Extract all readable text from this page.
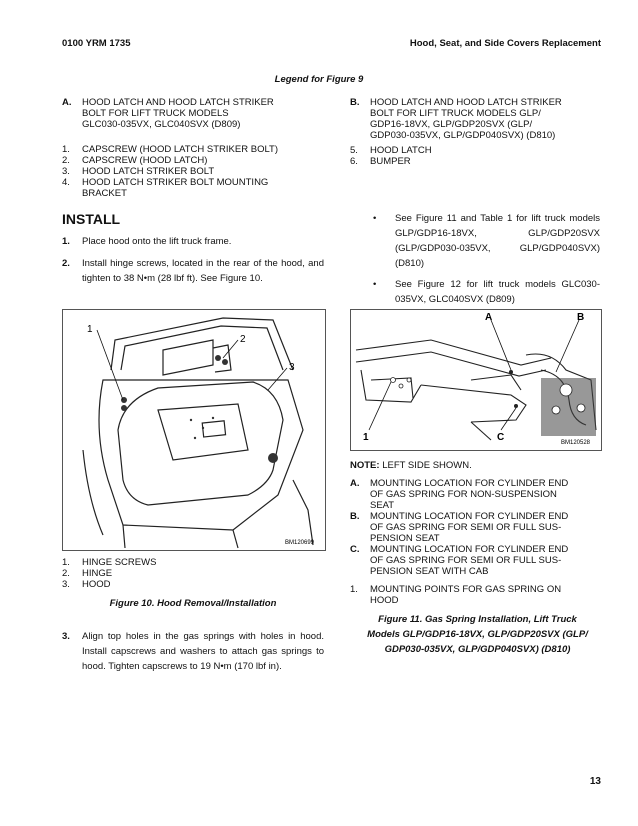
0100 YRM 1735	Hood, Seat, and Side Covers Replacement
Legend for Figure 9
A.	HOOD LATCH AND HOOD LATCH STRIKER
BOLT FOR LIFT TRUCK MODELS
GLC030-035VX, GLC040SVX (D809)
1.	CAPSCREW (HOOD LATCH STRIKER BOLT)
2.	CAPSCREW (HOOD LATCH)
3.	HOOD LATCH STRIKER BOLT
4.	HOOD LATCH STRIKER BOLT MOUNTING
BRACKET
B.	HOOD LATCH AND HOOD LATCH STRIKER
BOLT FOR LIFT TRUCK MODELS GLP/
GDP16-18VX, GLP/GDP20SVX (GLP/
GDP030-035VX, GLP/GDP040SVX) (D810)
5.	HOOD LATCH
6.	BUMPER
INSTALL
1.	Place hood onto the lift truck frame.
2.	Install hinge screws, located in the rear of the hood, and tighten to 38 N•m (28 lbf ft). See Figure 10.
1
2
3
BM120699
1.	HINGE SCREWS
2.	HINGE
3.	HOOD
Figure 10. Hood Removal/Installation
3.	Align top holes in the gas springs with holes in hood. Install capscrews and washers to attach gas springs to hood. Tighten capscrews to 19 N•m (170 lbf in).
•	See Figure 11 and Table 1 for lift truck models GLP/GDP16-18VX, GLP/GDP20SVX (GLP/GDP030-035VX, GLP/GDP040SVX) (D810)
•	See Figure 12 for lift truck models GLC030-035VX, GLC040SVX (D809)
A	B
C
1	BM120528
NOTE: LEFT SIDE SHOWN.
A.	MOUNTING LOCATION FOR CYLINDER END
OF GAS SPRING FOR NON-SUSPENSION
SEAT
B.	MOUNTING LOCATION FOR CYLINDER END
OF GAS SPRING FOR SEMI OR FULL SUS-
PENSION SEAT
C.	MOUNTING LOCATION FOR CYLINDER END
OF GAS SPRING FOR SEMI OR FULL SUS-
PENSION SEAT WITH CAB
1.	MOUNTING POINTS FOR GAS SPRING ON
HOOD
Figure 11. Gas Spring Installation, Lift Truck
Models GLP/GDP16-18VX, GLP/GDP20SVX (GLP/
GDP030-035VX, GLP/GDP040SVX) (D810)
13
